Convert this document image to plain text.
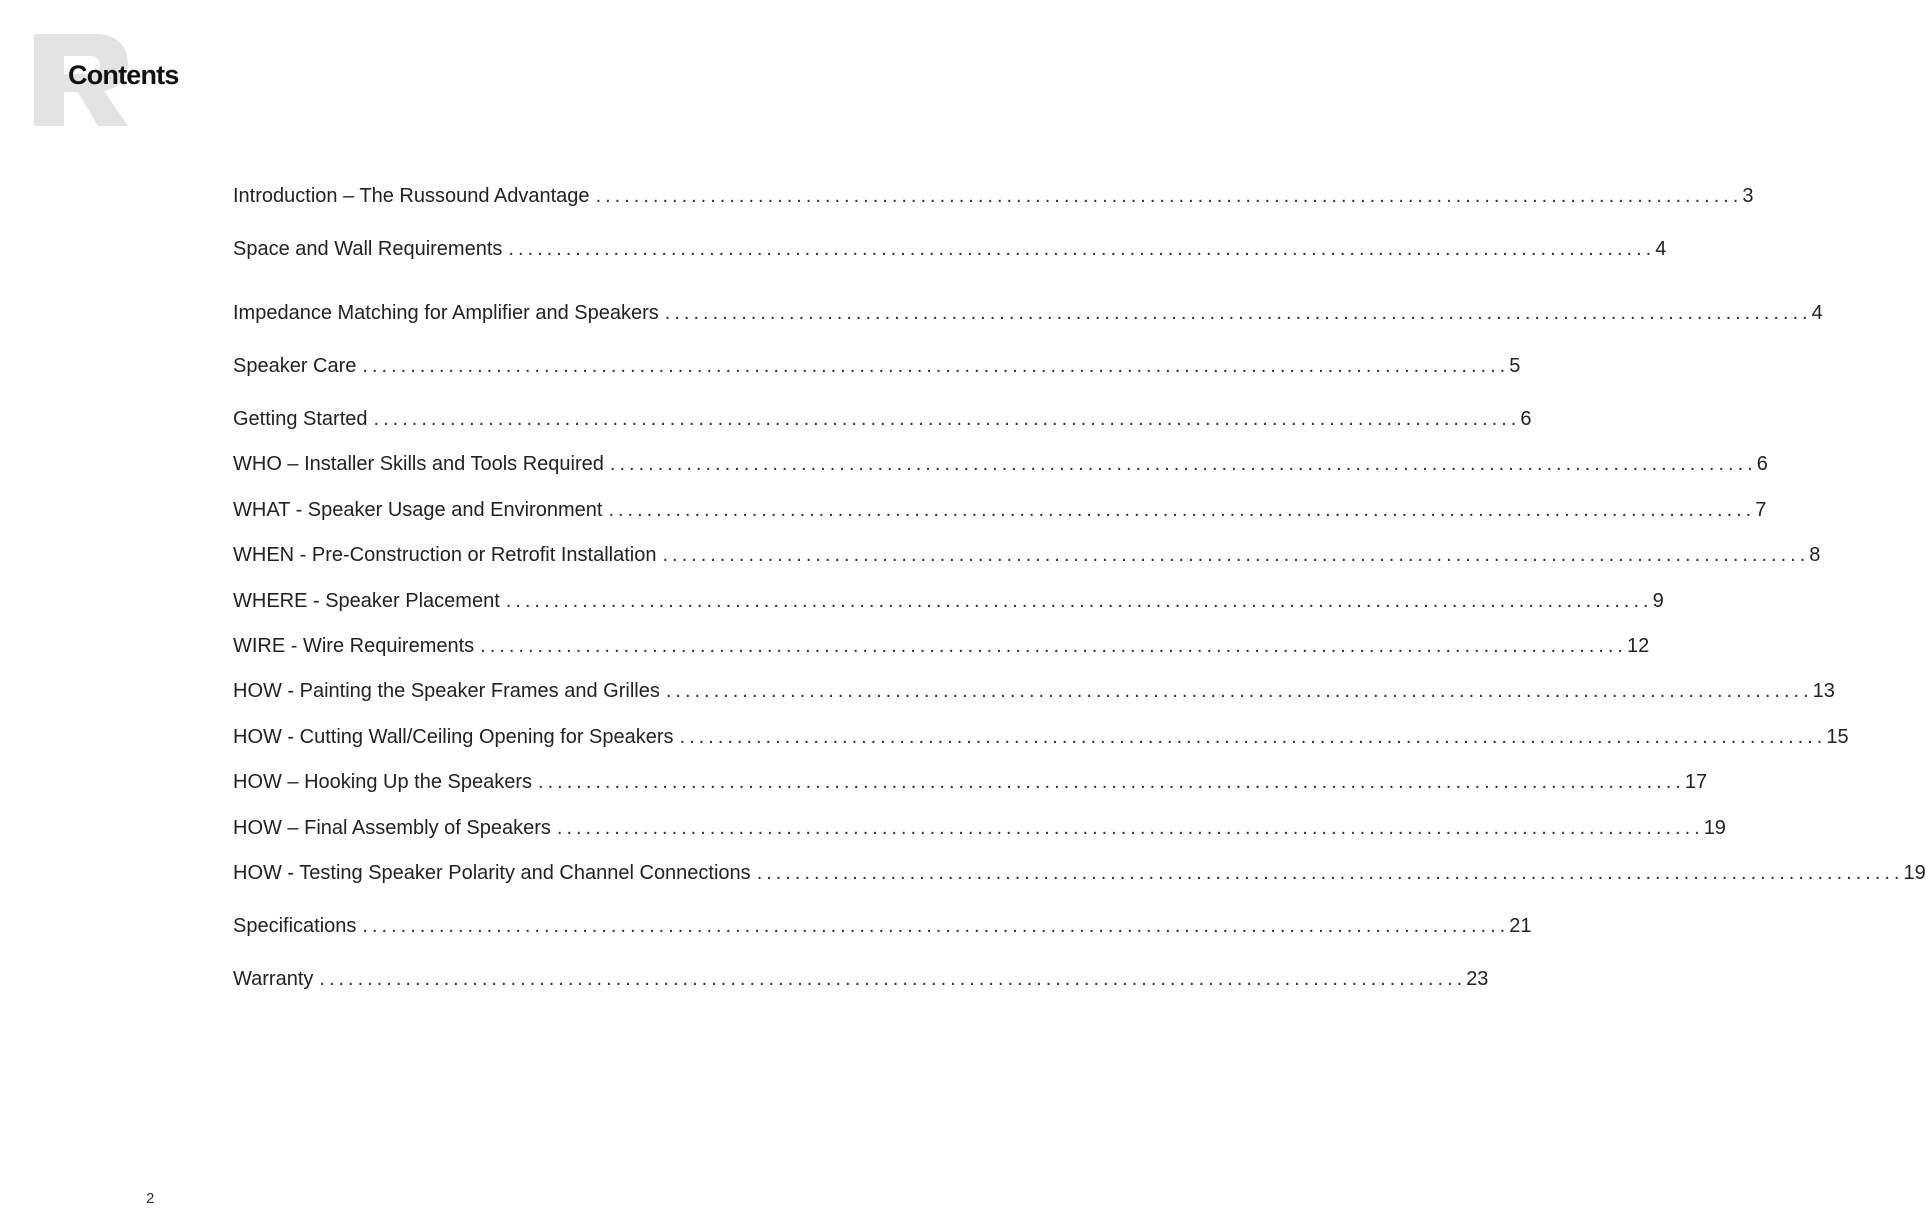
Contents
Introduction – The Russound Advantage ........................................................................................................................ 3
Space and Wall Requirements ........................................................................................................................ 4
Impedance Matching for Amplifier and Speakers ........................................................................................................................ 4
Speaker Care ........................................................................................................................ 5
Getting Started ........................................................................................................................ 6
WHO – Installer Skills and Tools Required ........................................................................................................................ 6
WHAT - Speaker Usage and Environment ........................................................................................................................ 7
WHEN - Pre-Construction or Retrofit Installation ........................................................................................................................ 8
WHERE - Speaker Placement ........................................................................................................................ 9
WIRE - Wire Requirements ........................................................................................................................ 12
HOW - Painting the Speaker Frames and Grilles ........................................................................................................................ 13
HOW - Cutting Wall/Ceiling Opening for Speakers ........................................................................................................................ 15
HOW – Hooking Up the Speakers ........................................................................................................................ 17
HOW – Final Assembly of Speakers ........................................................................................................................ 19
HOW - Testing Speaker Polarity and Channel Connections ........................................................................................................................ 19
Specifications ........................................................................................................................ 21
Warranty ........................................................................................................................ 23
2
